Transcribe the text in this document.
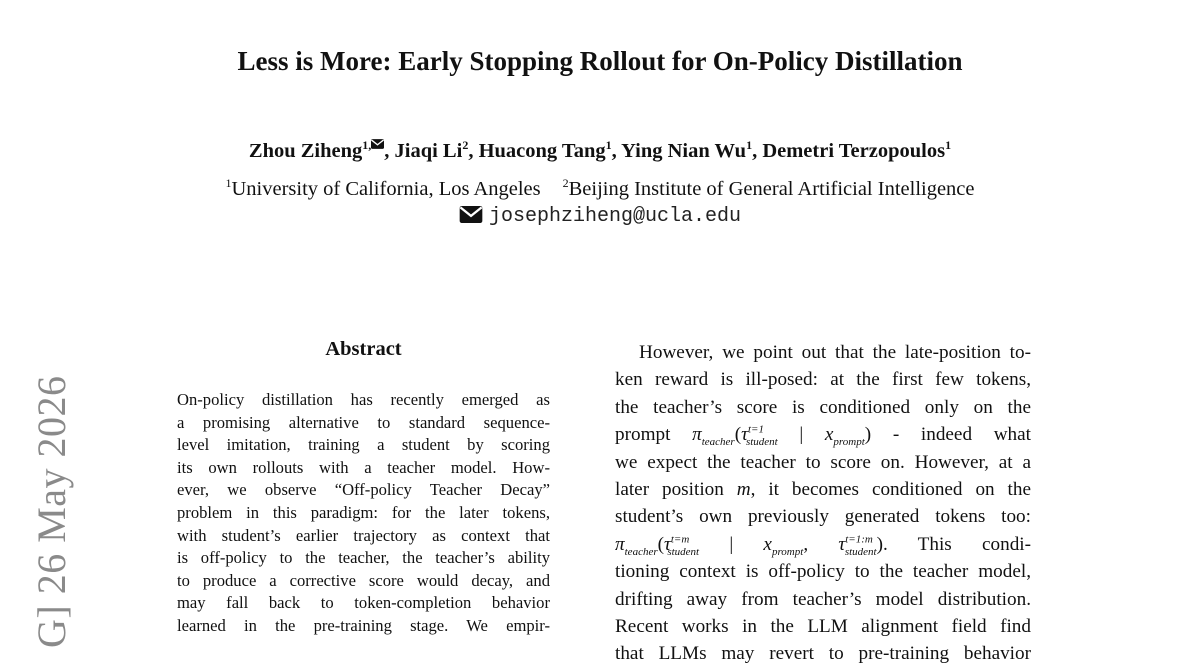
G] 26 May 2026
Less is More: Early Stopping Rollout for On-Policy Distillation

Zhou Ziheng$^{1,}$ , Jiaqi Li$^2$, Huacong Tang$^1$, Ying Nian Wu$^1$, Demetri Terzopoulos$^1$

$^1$University of California, Los Angeles $^2$Beijing Institute of General Artificial Intelligence
josephziheng@ucla.edu
Abstract
On-policy distillation has recently emerged as
a promising alternative to standard sequence-
level imitation, training a student by scoring
its own rollouts with a teacher model. How-
ever, we observe “Off-policy Teacher Decay”
problem in this paradigm: for the later tokens,
with student’s earlier trajectory as context that
is off-policy to the teacher, the teacher’s ability
to produce a corrective score would decay, and
may fall back to token-completion behavior
learned in the pre-training stage. We empir-
However, we point out that the late-position to-
ken reward is ill-posed: at the first few tokens,
the teacher’s score is conditioned only on the
prompt $\pi_{teacher}(\tau^{t=1}_{student}$ | $x_{prompt}$) - indeed what
we expect the teacher to score on. However, at a
later position m, it becomes conditioned on the
student’s own previously generated tokens too:
$\pi_{teacher}(\tau^{t=m}_{student}$ | $x_{prompt}$, $\tau^{t=1:m}_{student}$). This condi-
tioning context is off-policy to the teacher model,
drifting away from teacher’s model distribution.
Recent works in the LLM alignment field find
that LLMs may revert to pre-training behavior
